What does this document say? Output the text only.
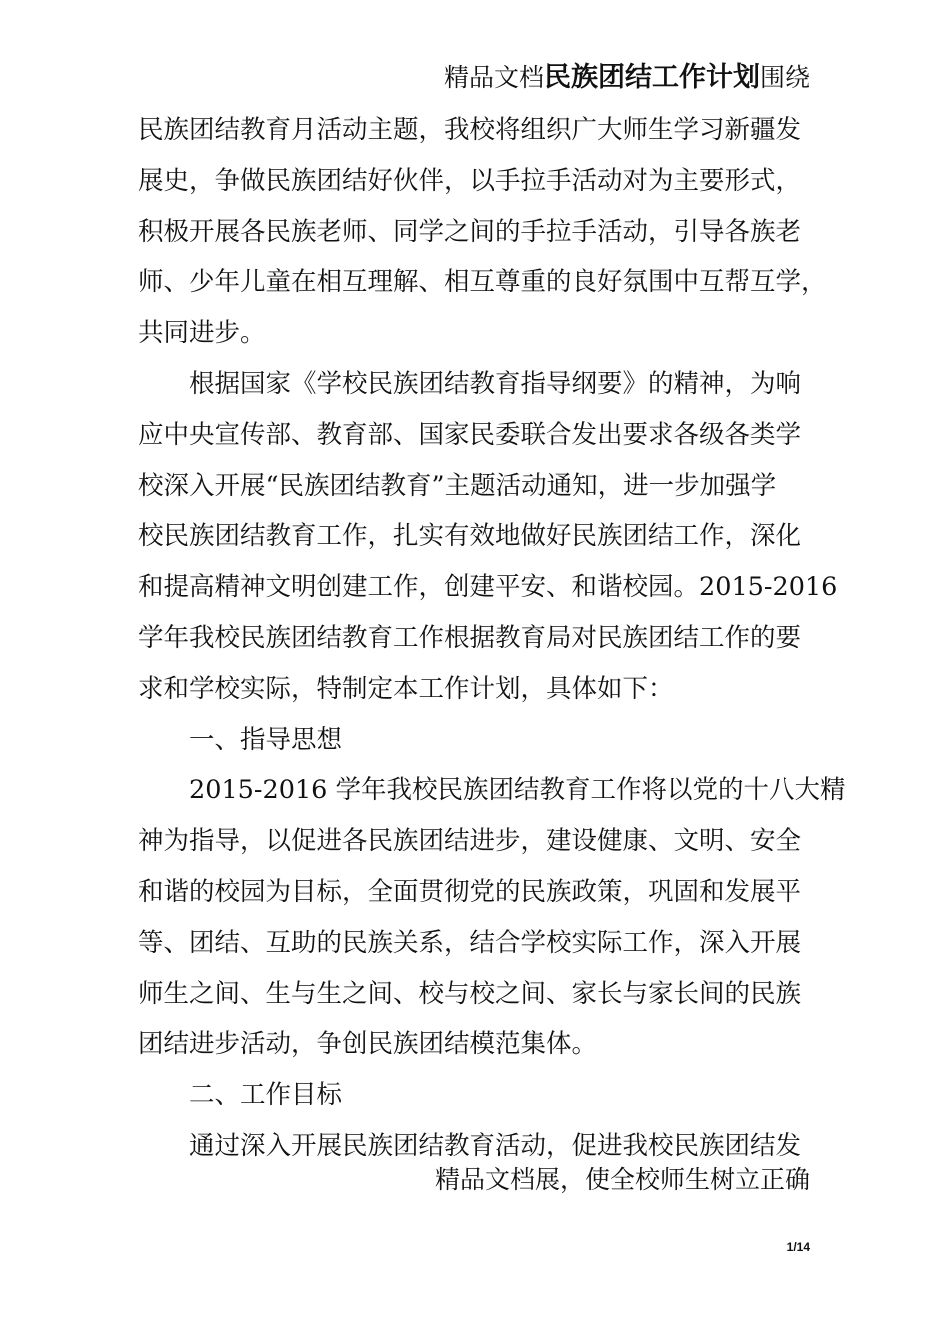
精品文档民族团结工作计划围绕
民族团结教育月活动主题，我校将组织广大师生学习新疆发
展史，争做民族团结好伙伴，以手拉手活动对为主要形式，
积极开展各民族老师、同学之间的手拉手活动，引导各族老
师、少年儿童在相互理解、相互尊重的良好氛围中互帮互学，
共同进步。
根据国家《学校民族团结教育指导纲要》的精神，为响
应中央宣传部、教育部、国家民委联合发出要求各级各类学
校深入开展“民族团结教育”主题活动通知，进一步加强学
校民族团结教育工作，扎实有效地做好民族团结工作，深化
和提高精神文明创建工作，创建平安、和谐校园。2015-2016
学年我校民族团结教育工作根据教育局对民族团结工作的要
求和学校实际，特制定本工作计划，具体如下：
一、指导思想
2015-2016 学年我校民族团结教育工作将以党的十八大精
神为指导，以促进各民族团结进步，建设健康、文明、安全
和谐的校园为目标，全面贯彻党的民族政策，巩固和发展平
等、团结、互助的民族关系，结合学校实际工作，深入开展
师生之间、生与生之间、校与校之间、家长与家长间的民族
团结进步活动，争创民族团结模范集体。
二、工作目标
通过深入开展民族团结教育活动，促进我校民族团结发
精品文档展，使全校师生树立正确
1/14
